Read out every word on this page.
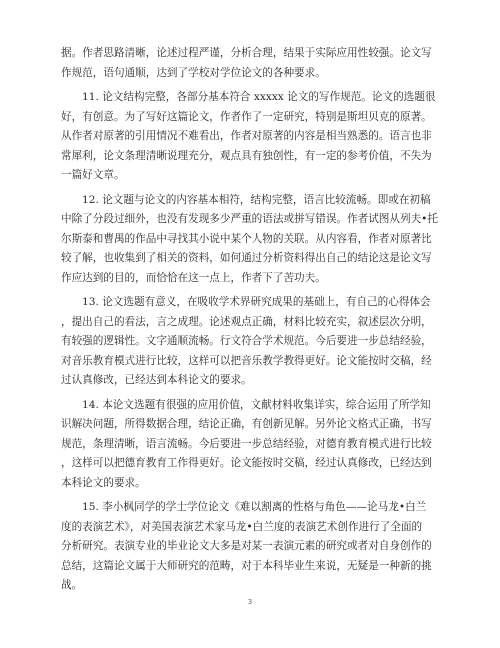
据。作者思路清晰，论述过程严谨，分析合理，结果于实际应用性较强。论文写
作规范，语句通顺，达到了学校对学位论文的各种要求。
11. 论文结构完整，各部分基本符合 xxxxx 论文的写作规范。论文的选题很
好，有创意。为了写好这篇论文，作者作了一定研究，特别是斯坦贝克的原著。
从作者对原著的引用情况不难看出，作者对原著的内容是相当熟悉的。语言也非
常犀利，论文条理清晰说理充分，观点具有独创性，有一定的参考价值，不失为
一篇好文章。
12. 论文题与论文的内容基本相符，结构完整，语言比较流畅。即或在初稿
中除了分段过细外，也没有发现多少严重的语法或拼写错误。作者试图从列夫•托
尔斯泰和曹禺的作品中寻找其小说中某个人物的关联。从内容看，作者对原著比
较了解，也收集到了相关的资料，如何通过分析资料得出自己的结论这是论文写
作应达到的目的，而恰恰在这一点上，作者下了苦功夫。
13. 论文选题有意义，在吸收学术界研究成果的基础上，有自己的心得体会
，提出自己的看法，言之成理。论述观点正确，材料比较充实，叙述层次分明，
有较强的逻辑性。文字通顺流畅。行文符合学术规范。今后要进一步总结经验，
对音乐教育模式进行比较，这样可以把音乐教学教得更好。论文能按时交稿，经
过认真修改，已经达到本科论文的要求。
14. 本论文选题有很强的应用价值，文献材料收集详实，综合运用了所学知
识解决问题，所得数据合理，结论正确，有创新见解。另外论文格式正确，书写
规范，条理清晰，语言流畅。今后要进一步总结经验，对德育教育模式进行比较
，这样可以把德育教育工作得更好。论文能按时交稿，经过认真修改，已经达到
本科论文的要求。
15. 李小枫同学的学士学位论文《难以割离的性格与角色——论马龙•白兰
度的表演艺术》，对美国表演艺术家马龙•白兰度的表演艺术创作进行了全面的
分析研究。表演专业的毕业论文大多是对某一表演元素的研究或者对自身创作的
总结，这篇论文属于大师研究的范畴，对于本科毕业生来说，无疑是一种新的挑
战。
3
